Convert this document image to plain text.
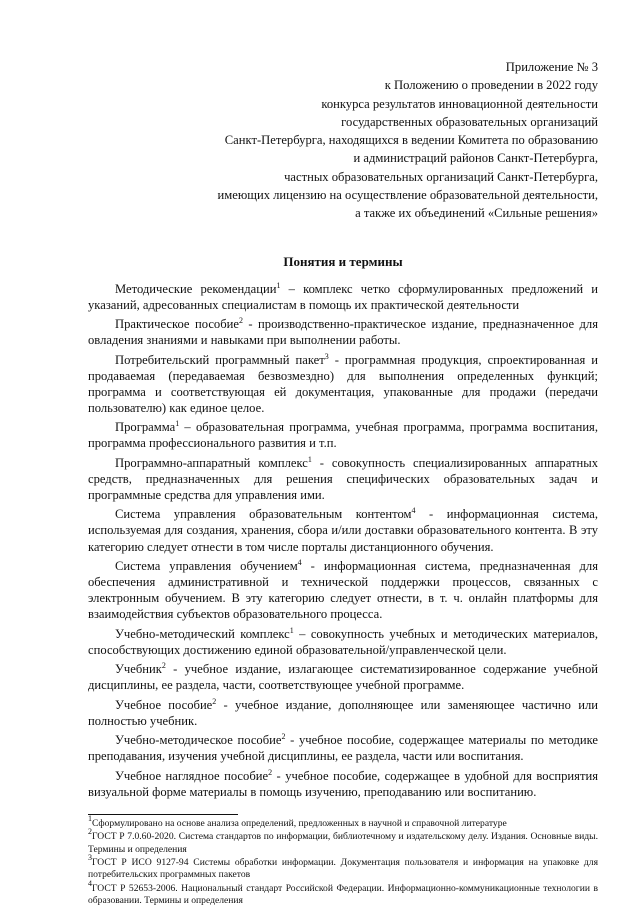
Приложение № 3
к Положению о проведении в 2022 году
конкурса результатов инновационной деятельности
государственных образовательных организаций
Санкт-Петербурга, находящихся в ведении Комитета по образованию
и администраций районов Санкт-Петербурга,
частных образовательных организаций Санкт-Петербурга,
имеющих лицензию на осуществление образовательной деятельности,
а также их объединений «Сильные решения»
Понятия и термины

Методические рекомендации$^1$ – комплекс четко сформулированных предложений и указаний, адресованных специалистам в помощь их практической деятельности

Практическое пособие$^2$ - производственно-практическое издание, предназначенное для овладения знаниями и навыками при выполнении работы.

Потребительский программный пакет$^3$ - программная продукция, спроектированная и продаваемая (передаваемая безвозмездно) для выполнения определенных функций; программа и соответствующая ей документация, упакованные для продажи (передачи пользователю) как единое целое.

Программа$^1$ – образовательная программа, учебная программа, программа воспитания, программа профессионального развития и т.п.

Программно-аппаратный комплекс$^1$ - совокупность специализированных аппаратных средств, предназначенных для решения специфических образовательных задач и программные средства для управления ими.

Система управления образовательным контентом$^4$ - информационная система, используемая для создания, хранения, сбора и/или доставки образовательного контента. В эту категорию следует отнести в том числе порталы дистанционного обучения.

Система управления обучением$^4$ - информационная система, предназначенная для обеспечения административной и технической поддержки процессов, связанных с электронным обучением. В эту категорию следует отнести, в т. ч. онлайн платформы для взаимодействия субъектов образовательного процесса.

Учебно-методический комплекс$^1$ – совокупность учебных и методических материалов, способствующих достижению единой образовательной/управленческой цели.

Учебник$^2$ - учебное издание, излагающее систематизированное содержание учебной дисциплины, ее раздела, части, соответствующее учебной программе.

Учебное пособие$^2$ - учебное издание, дополняющее или заменяющее частично или полностью учебник.

Учебно-методическое пособие$^2$ - учебное пособие, содержащее материалы по методике преподавания, изучения учебной дисциплины, ее раздела, части или воспитания.

Учебное наглядное пособие$^2$ - учебное пособие, содержащее в удобной для восприятия визуальной форме материалы в помощь изучению, преподаванию или воспитанию.

$^1$Сформулировано на основе анализа определений, предложенных в научной и справочной литературе

$^2$ГОСТ Р 7.0.60-2020. Система стандартов по информации, библиотечному и издательскому делу. Издания. Основные виды. Термины и определения

$^3$ГОСТ Р ИСО 9127-94 Системы обработки информации. Документация пользователя и информация на упаковке для потребительских программных пакетов

$^4$ГОСТ Р 52653-2006. Национальный стандарт Российской Федерации. Информационно-коммуникационные технологии в образовании. Термины и определения
